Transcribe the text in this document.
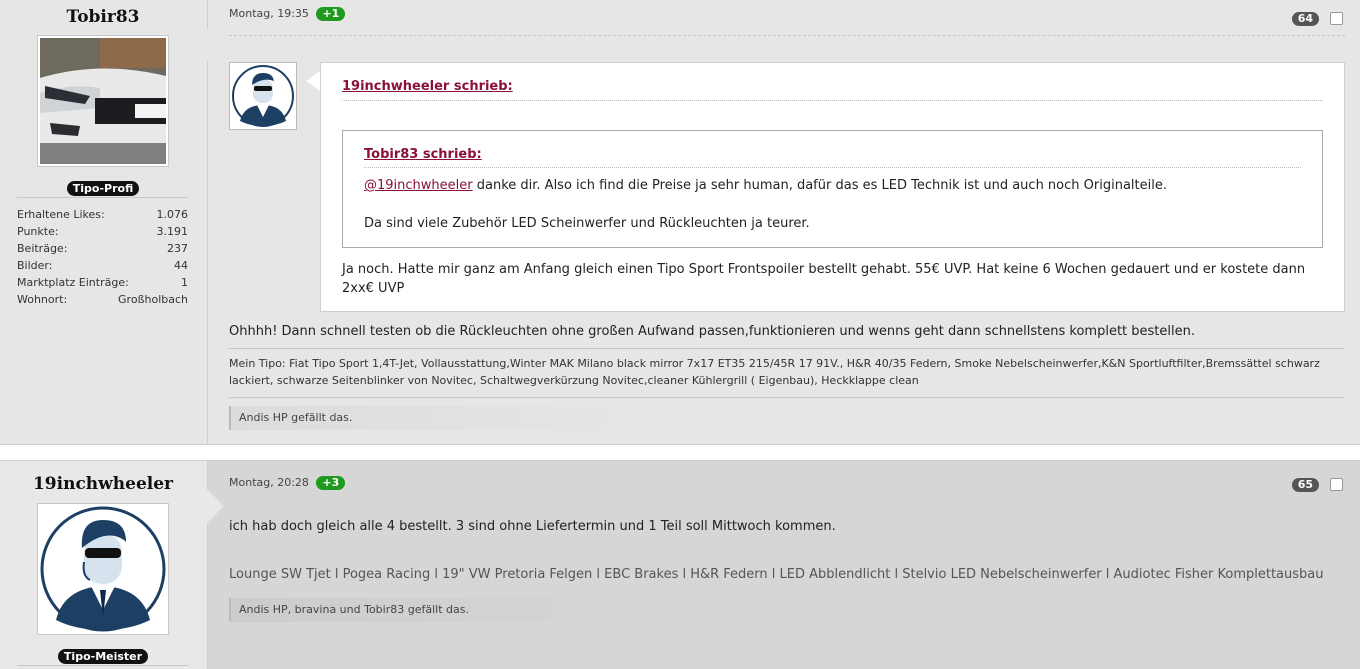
Tobir83
Tipo-Profi
Erhaltene Likes:	1.076
Punkte:	3.191
Beiträge:	237
Bilder:	44
Marktplatz Einträge:	1
Wohnort:	Großholbach
Montag, 19:35 +1	64
19inchwheeler schrieb:
Tobir83 schrieb:
@19inchwheeler danke dir. Also ich find die Preise ja sehr human, dafür das es LED Technik ist und auch noch Originalteile.
Da sind viele Zubehör LED Scheinwerfer und Rückleuchten ja teurer.
Ja noch. Hatte mir ganz am Anfang gleich einen Tipo Sport Frontspoiler bestellt gehabt. 55€ UVP. Hat keine 6 Wochen gedauert und er kostete dann 2xx€ UVP
Ohhhh! Dann schnell testen ob die Rückleuchten ohne großen Aufwand passen,funktionieren und wenns geht dann schnellstens komplett bestellen.
Mein Tipo: Fiat Tipo Sport 1,4T-Jet, Vollausstattung,Winter MAK Milano black mirror 7x17 ET35 215/45R 17 91V., H&R 40/35 Federn, Smoke Nebelscheinwerfer,K&N Sportluftfilter,Bremssättel schwarz lackiert, schwarze Seitenblinker von Novitec, Schaltwegverkürzung Novitec,cleaner Kühlergrill ( Eigenbau), Heckklappe clean
Andis HP gefällt das.
19inchwheeler
Tipo-Meister
Montag, 20:28 +3	65
ich hab doch gleich alle 4 bestellt. 3 sind ohne Liefertermin und 1 Teil soll Mittwoch kommen.
Lounge SW Tjet l Pogea Racing l 19" VW Pretoria Felgen l EBC Brakes l H&R Federn l LED Abblendlicht l Stelvio LED Nebelscheinwerfer l Audiotec Fisher Komplettausbau
Andis HP, bravina und Tobir83 gefällt das.
